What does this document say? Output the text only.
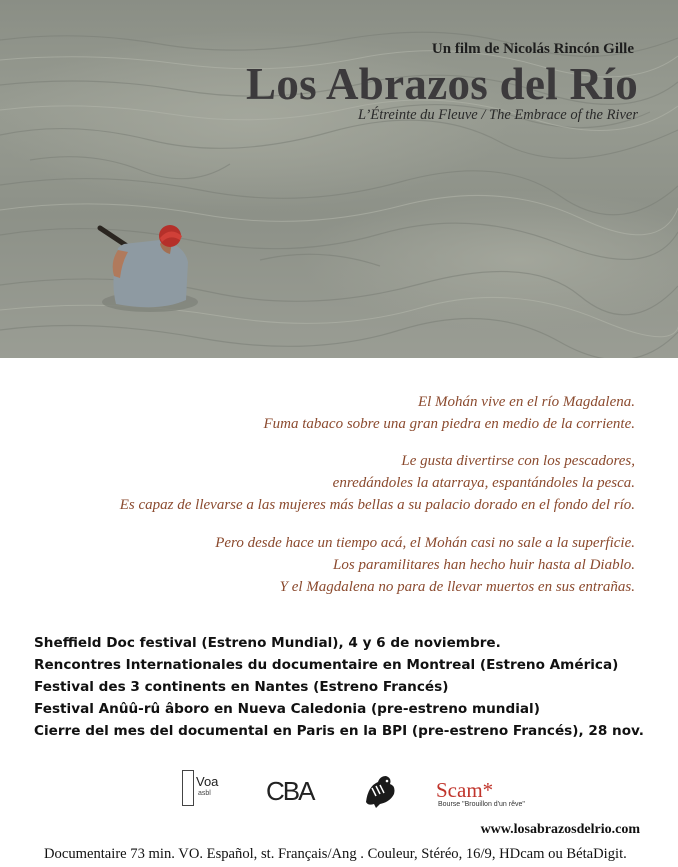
Un film de Nicolás Rincón Gille
Los Abrazos del Río
L’Étreinte du Fleuve / The Embrace of the River
El Mohán vive en el río Magdalena.
Fuma tabaco sobre una gran piedra en medio de la corriente.
Le gusta divertirse con los pescadores,
enredándoles la atarraya, espantándoles la pesca.
Es capaz de llevarse a las mujeres más bellas a su palacio dorado en el fondo del río.
Pero desde hace un tiempo acá, el Mohán casi no sale a la superficie.
Los paramilitares han hecho huir hasta al Diablo.
Y el Magdalena no para de llevar muertos en sus entrañas.
Sheffield Doc festival (Estreno Mundial), 4 y 6 de noviembre.
Rencontres Internationales du documentaire en Montreal (Estreno América)
Festival des 3 continents en Nantes (Estreno Francés)
Festival Anûû-rû âboro en Nueva Caledonia (pre-estreno mundial)
Cierre del mes del documental en Paris en la BPI (pre-estreno Francés), 28 nov.
Voa
asbl CBA	Scam*
Bourse "Brouillon d'un rêve"
www.losabrazosdelrio.com
Documentaire 73 min. VO. Español, st. Français/Ang . Couleur, Stéréo, 16/9, HDcam ou BétaDigit.
